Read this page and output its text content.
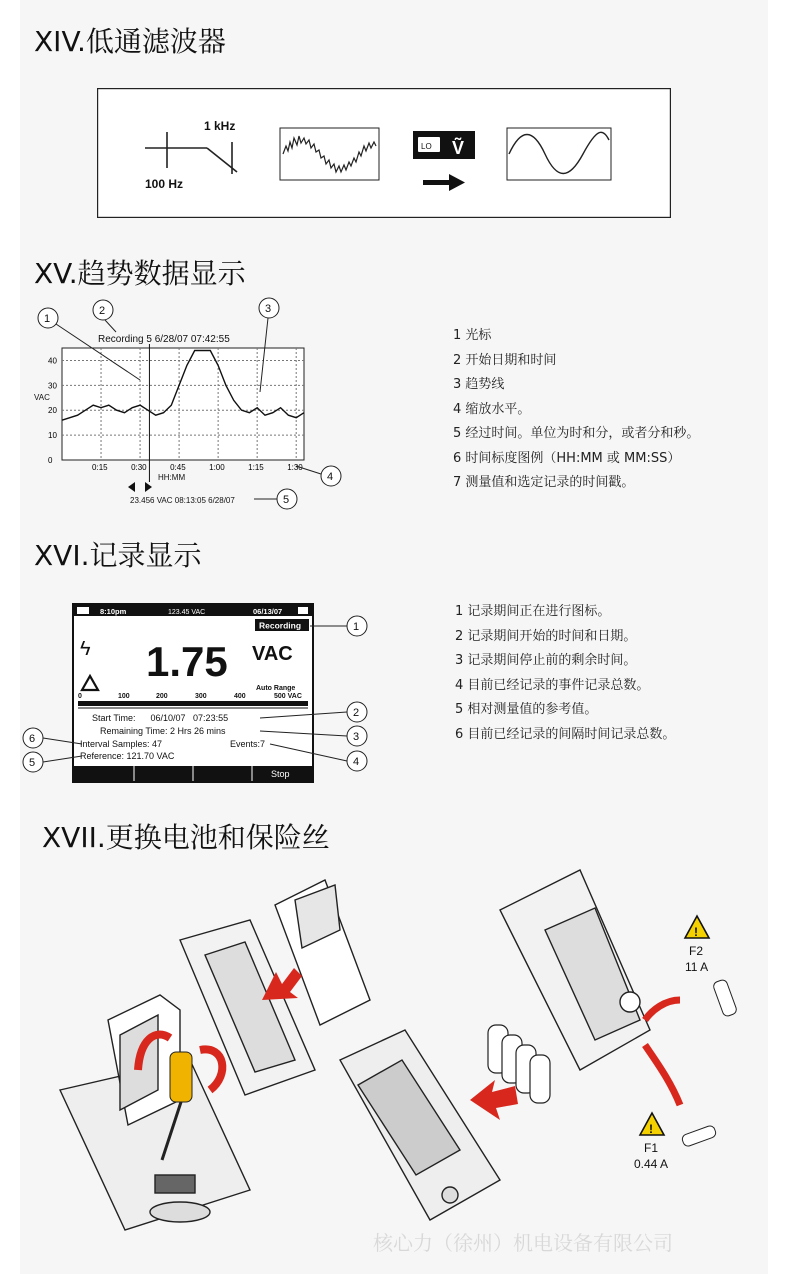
XIV.低通滤波器
1 kHz
100 Hz
LO Ṽ
XV.趋势数据显示
Recording 5 6/28/07 07:42:55
VAC
0
10
20
30
40
0:15	0:30	0:45	1:00	1:15	1:30
HH:MM
23.456 VAC 08:13:05 6/28/07
1
2	3
4
5
1 光标
2 开始日期和时间
3 趋势线
4 缩放水平。
5 经过时间。单位为时和分，或者分和秒。
6 时间标度图例（HH:MM 或 MM:SS）
7 测量值和选定记录的时间戳。
XVI.记录显示
8:10pm	123.45 VAC	06/13/07
Recording
ϟ 1.75 VAC
Auto Range
0	100	200	300	400	500 VAC
Start Time:      06/10/07   07:23:55
Remaining Time: 2 Hrs 26 mins
Interval Samples: 47	Events:7
Reference: 121.70 VAC
Stop
1
2
3
4
6
5
1 记录期间正在进行图标。
2 记录期间开始的时间和日期。
3 记录期间停止前的剩余时间。
4 目前已经记录的事件记录总数。
5 相对测量值的参考值。
6 目前已经记录的间隔时间记录总数。
XVII.更换电池和保险丝
!
F2
11 A
!
F1
0.44 A
核心力（徐州）机电设备有限公司
